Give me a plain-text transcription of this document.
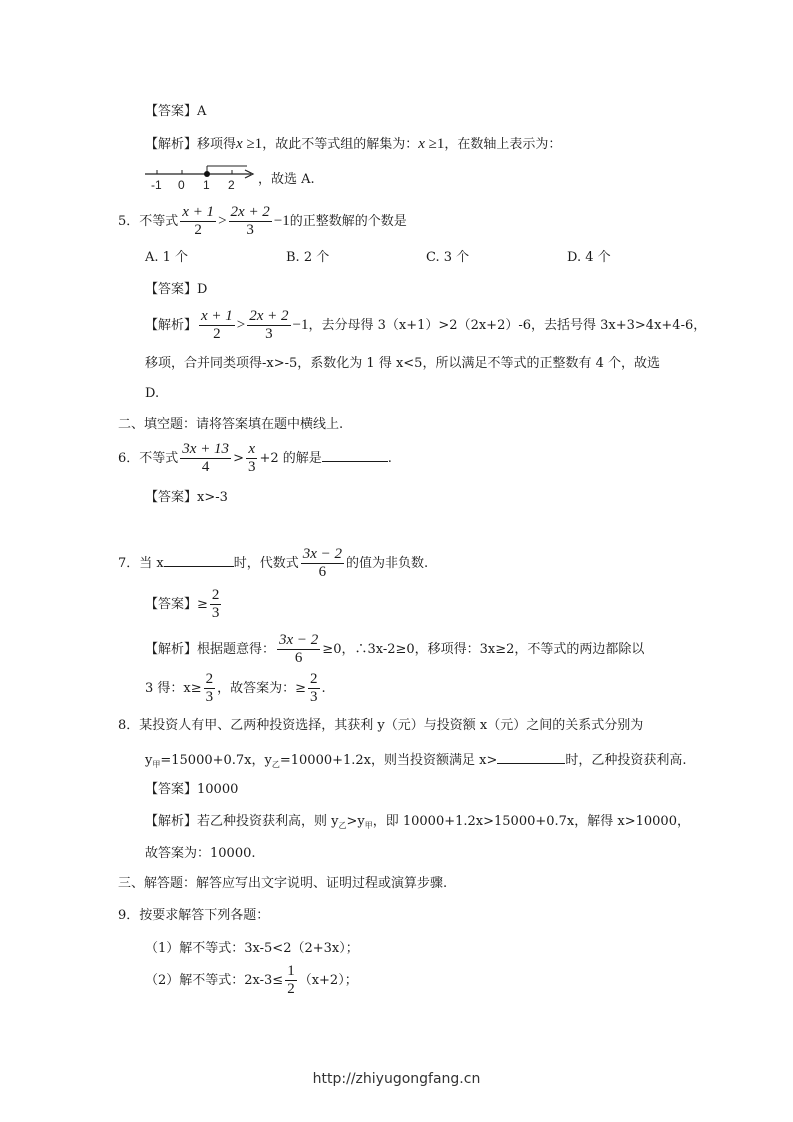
【答案】A
【解析】移项得x ≥1，故此不等式组的解集为：x ≥1，在数轴上表示为：
-1 0 1 2 ，故选 A.
5．不等式 $\frac{x + 1}{2} > \frac{2x + 2}{3} -1$的正整数解的个数是
A. 1 个	B. 2 个	C. 3 个	D. 4 个
【答案】D
【解析】 $\frac{x + 1}{2} > \frac{2x + 2}{3} -1$，去分母得 3（x+1）>2（2x+2）-6，去括号得 3x+3>4x+4-6，
移项，合并同类项得-x>-5，系数化为 1 得 x<5，所以满足不等式的正整数有 4 个，故选
D.
二、填空题：请将答案填在题中横线上.
6．不等式 $\frac{3x + 13}{4} > \frac{x}{3} +2$ 的解是	.
【答案】x>-3
7．当 x	时，代数式 $\frac{3x - 2}{6}$ 的值为非负数.
【答案】≥ $\frac{2}{3}$
【解析】根据题意得： $\frac{3x - 2}{6} \ge 0$，∴3x-2≥0，移项得：3x≥2，不等式的两边都除以
3 得：$x\ge \frac{2}{3}$ ，故答案为：≥ $\frac{2}{3}$ .
8．某投资人有甲、乙两种投资选择，其获利 y（元）与投资额 x（元）之间的关系式分别为
$y_甲=15000+0.7x$，$y_乙=10000+1.2x$，则当投资额满足 x>	时，乙种投资获利高.
【答案】10000
【解析】若乙种投资获利高，则 $y_乙>y_甲$，即 10000+1.2x>15000+0.7x，解得 x>10000，
故答案为：10000.
三、解答题：解答应写出文字说明、证明过程或演算步骤.
9．按要求解答下列各题：
（1）解不等式：3x-5<2（2+3x）；
（2）解不等式：$2x-3\le \frac{1}{2} (x+2)$；
http://zhiyugongfang.cn
